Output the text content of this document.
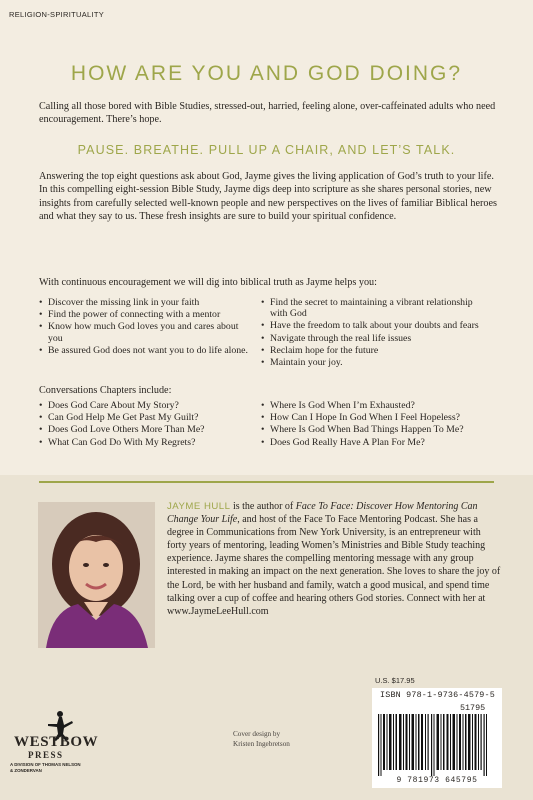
RELIGION-SPIRITUALITY
HOW ARE YOU AND GOD DOING?
Calling all those bored with Bible Studies, stressed-out, harried, feeling alone, over-caffeinated adults who need encouragement. There’s hope.
PAUSE. BREATHE. PULL UP A CHAIR, AND LET’S TALK.
Answering the top eight questions ask about God, Jayme gives the living application of God’s truth to your life. In this compelling eight-session Bible Study, Jayme digs deep into scripture as she shares personal stories, new insights from carefully selected well-known people and new perspectives on the lives of familiar Biblical heroes and what they say to us. These fresh insights are sure to build your spiritual confidence.
With continuous encouragement we will dig into biblical truth as Jayme helps you:
• Discover the missing link in your faith
• Find the power of connecting with a mentor
• Know how much God loves you and cares about you
• Be assured God does not want you to do life alone.
• Find the secret to maintaining a vibrant relationship with God
• Have the freedom to talk about your doubts and fears
• Navigate through the real life issues
• Reclaim hope for the future
• Maintain your joy.
Conversations Chapters include:
• Does God Care About My Story?
• Can God Help Me Get Past My Guilt?
• Does God Love Others More Than Me?
• What Can God Do With My Regrets?
• Where Is God When I’m Exhausted?
• How Can I Hope In God When I Feel Hopeless?
• Where Is God When Bad Things Happen To Me?
• Does God Really Have A Plan For Me?
JAYME HULL is the author of Face To Face: Discover How Mentoring Can Change Your Life, and host of the Face To Face Mentoring Podcast. She has a degree in Communications from New York University, is an entrepreneur with forty years of mentoring, leading Women’s Ministries and Bible Study teaching experience. Jayme shares the compelling mentoring message with any group interested in making an impact on the next generation. She loves to share the joy of the Lord, be with her husband and family, watch a good musical, and spend time talking over a cup of coffee and hearing others God stories. Connect with her at www.JaymeLeeHull.com
U.S. $17.95
ISBN 978-1-9736-4579-5
51795
9 781973 645795
Cover design by
Kristen Ingebretson
WESTBOW
PRESS
A DIVISION OF THOMAS NELSON
& ZONDERVAN
